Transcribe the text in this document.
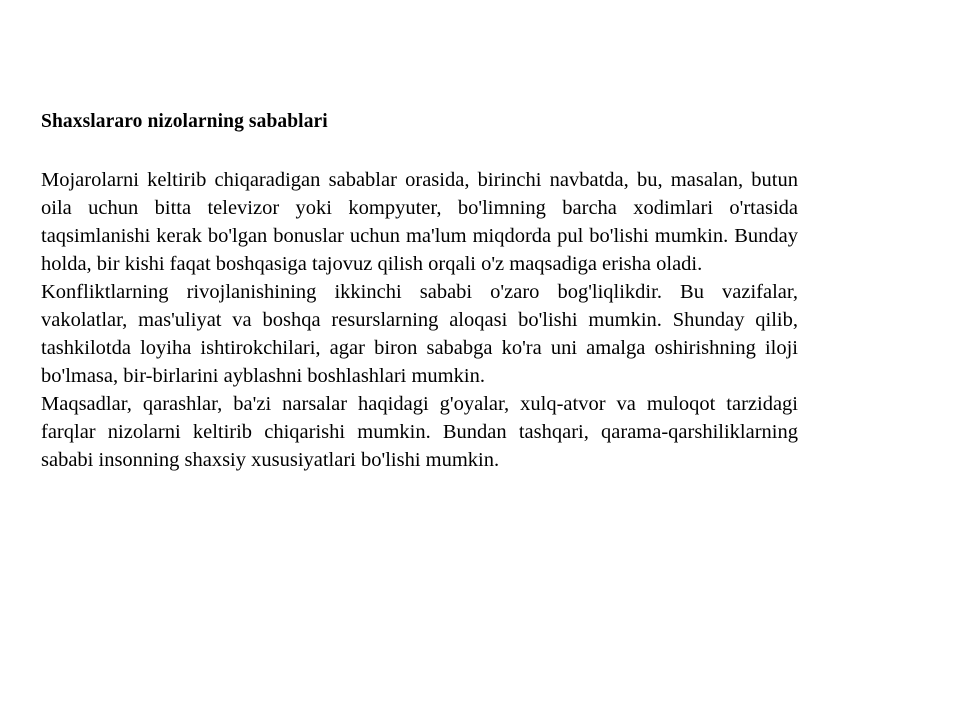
Shaxslararo nizolarning sabablari

Mojarolarni keltirib chiqaradigan sabablar orasida, birinchi navbatda, bu, masalan, butun oila uchun bitta televizor yoki kompyuter, bo'limning barcha xodimlari o'rtasida taqsimlanishi kerak bo'lgan bonuslar uchun ma'lum miqdorda pul bo'lishi mumkin. Bunday holda, bir kishi faqat boshqasiga tajovuz qilish orqali o'z maqsadiga erisha oladi.

Konfliktlarning rivojlanishining ikkinchi sababi o'zaro bog'liqlikdir. Bu vazifalar, vakolatlar, mas'uliyat va boshqa resurslarning aloqasi bo'lishi mumkin. Shunday qilib, tashkilotda loyiha ishtirokchilari, agar biron sababga ko'ra uni amalga oshirishning iloji bo'lmasa, bir-birlarini ayblashni boshlashlari mumkin.

Maqsadlar, qarashlar, ba'zi narsalar haqidagi g'oyalar, xulq-atvor va muloqot tarzidagi farqlar nizolarni keltirib chiqarishi mumkin. Bundan tashqari, qarama-qarshiliklarning sababi insonning shaxsiy xususiyatlari bo'lishi mumkin.
